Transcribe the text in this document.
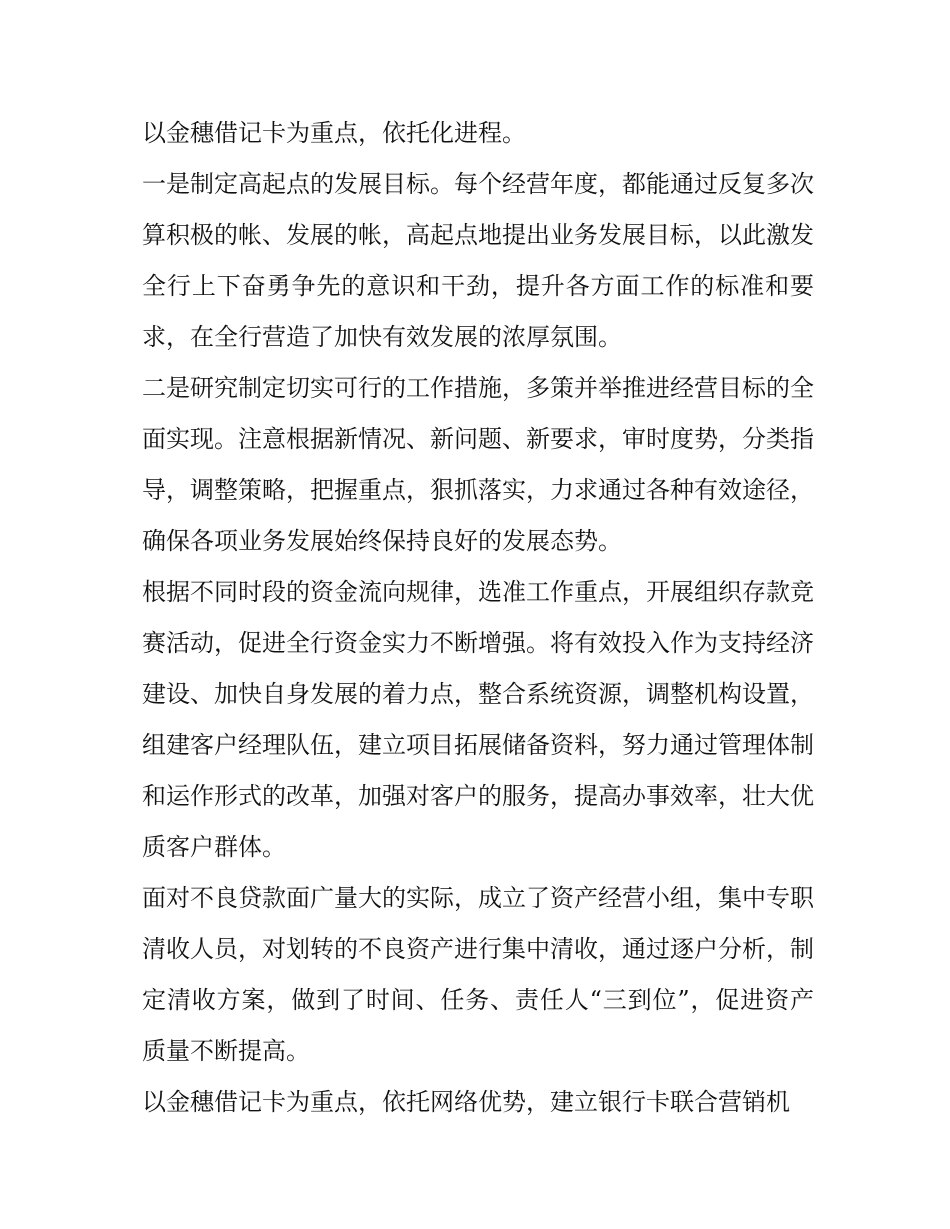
以金穗借记卡为重点，依托化进程。

一是制定高起点的发展目标。每个经营年度，都能通过反复多次算积极的帐、发展的帐，高起点地提出业务发展目标，以此激发全行上下奋勇争先的意识和干劲，提升各方面工作的标准和要求，在全行营造了加快有效发展的浓厚氛围。

二是研究制定切实可行的工作措施，多策并举推进经营目标的全面实现。注意根据新情况、新问题、新要求，审时度势，分类指导，调整策略，把握重点，狠抓落实，力求通过各种有效途径，确保各项业务发展始终保持良好的发展态势。

根据不同时段的资金流向规律，选准工作重点，开展组织存款竞赛活动，促进全行资金实力不断增强。将有效投入作为支持经济建设、加快自身发展的着力点，整合系统资源，调整机构设置，组建客户经理队伍，建立项目拓展储备资料，努力通过管理体制和运作形式的改革，加强对客户的服务，提高办事效率，壮大优质客户群体。

面对不良贷款面广量大的实际，成立了资产经营小组，集中专职清收人员，对划转的不良资产进行集中清收，通过逐户分析，制定清收方案，做到了时间、任务、责任人“三到位”，促进资产质量不断提高。

以金穗借记卡为重点，依托网络优势，建立银行卡联合营销机
